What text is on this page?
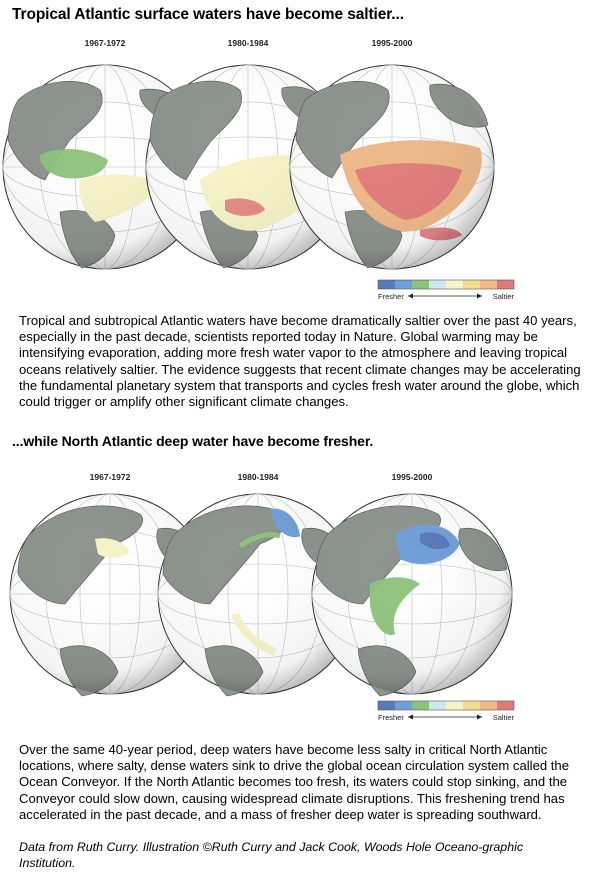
Tropical Atlantic surface waters have become saltier...
1967-1972	1980-1984	1995-2000
Fresher	Saltier

Tropical and subtropical Atlantic waters have become dramatically saltier over the past 40 years, especially in the past decade, scientists reported today in Nature. Global warming may be intensifying evaporation, adding more fresh water vapor to the atmosphere and leaving tropical oceans relatively saltier. The evidence suggests that recent climate changes may be accelerating the fundamental planetary system that transports and cycles fresh water around the globe, which could trigger or amplify other significant climate changes.

...while North Atlantic deep water have become fresher.
1967-1972	1980-1984	1995-2000
Fresher	Saltier

Over the same 40-year period, deep waters have become less salty in critical North Atlantic locations, where salty, dense waters sink to drive the global ocean circulation system called the Ocean Conveyor. If the North Atlantic becomes too fresh, its waters could stop sinking, and the Conveyor could slow down, causing widespread climate disruptions. This freshening trend has accelerated in the past decade, and a mass of fresher deep water is spreading southward.

Data from Ruth Curry. Illustration ©Ruth Curry and Jack Cook, Woods Hole Oceano-graphic Institution.
